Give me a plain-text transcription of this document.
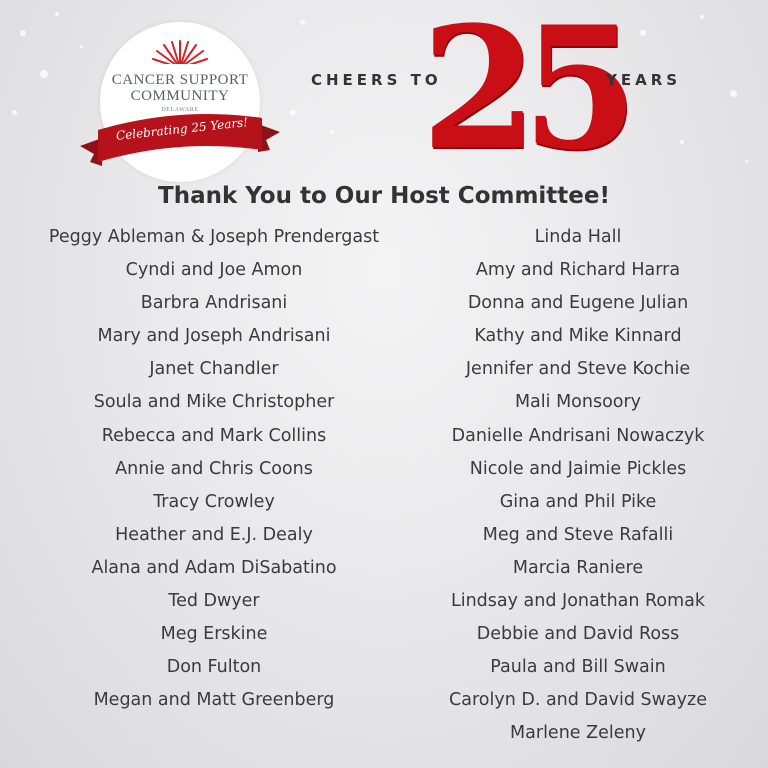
CANCER SUPPORT
COMMUNITY
DELAWARE
Celebrating 25 Years!
CHEERS TO
25
YEARS
Thank You to Our Host Committee!
Peggy Ableman & Joseph Prendergast
Cyndi and Joe Amon
Barbra Andrisani
Mary and Joseph Andrisani
Janet Chandler
Soula and Mike Christopher
Rebecca and Mark Collins
Annie and Chris Coons
Tracy Crowley
Heather and E.J. Dealy
Alana and Adam DiSabatino
Ted Dwyer
Meg Erskine
Don Fulton
Megan and Matt Greenberg
Linda Hall
Amy and Richard Harra
Donna and Eugene Julian
Kathy and Mike Kinnard
Jennifer and Steve Kochie
Mali Monsoory
Danielle Andrisani Nowaczyk
Nicole and Jaimie Pickles
Gina and Phil Pike
Meg and Steve Rafalli
Marcia Raniere
Lindsay and Jonathan Romak
Debbie and David Ross
Paula and Bill Swain
Carolyn D. and David Swayze
Marlene Zeleny
